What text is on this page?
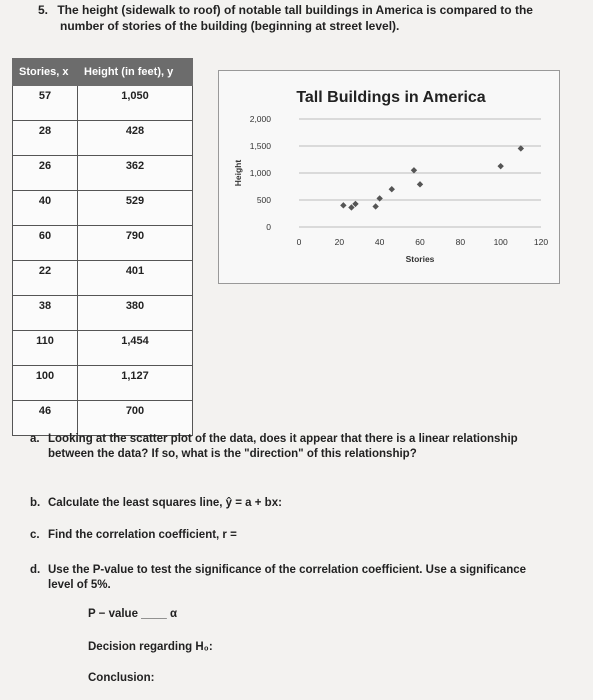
5. The height (sidewalk to roof) of notable tall buildings in America is compared to the
number of stories of the building (beginning at street level).
Stories, x	Height (in feet), y
57	1,050
28	428
26	362
40	529
60	790
22	401
38	380
110	1,454
100	1,127
46	700
Tall Buildings in America
0
500
1,000
1,500
2,000
0	20	40	60	80	100	120
Stories
Height
a. Looking at the scatter plot of the data, does it appear that there is a linear relationship
between the data? If so, what is the "direction" of this relationship?
b. Calculate the least squares line, ŷ = a + bx:
c. Find the correlation coefficient, r =
d. Use the P-value to test the significance of the correlation coefficient. Use a significance
level of 5%.
P − value ____ α
Decision regarding H₀:
Conclusion:
